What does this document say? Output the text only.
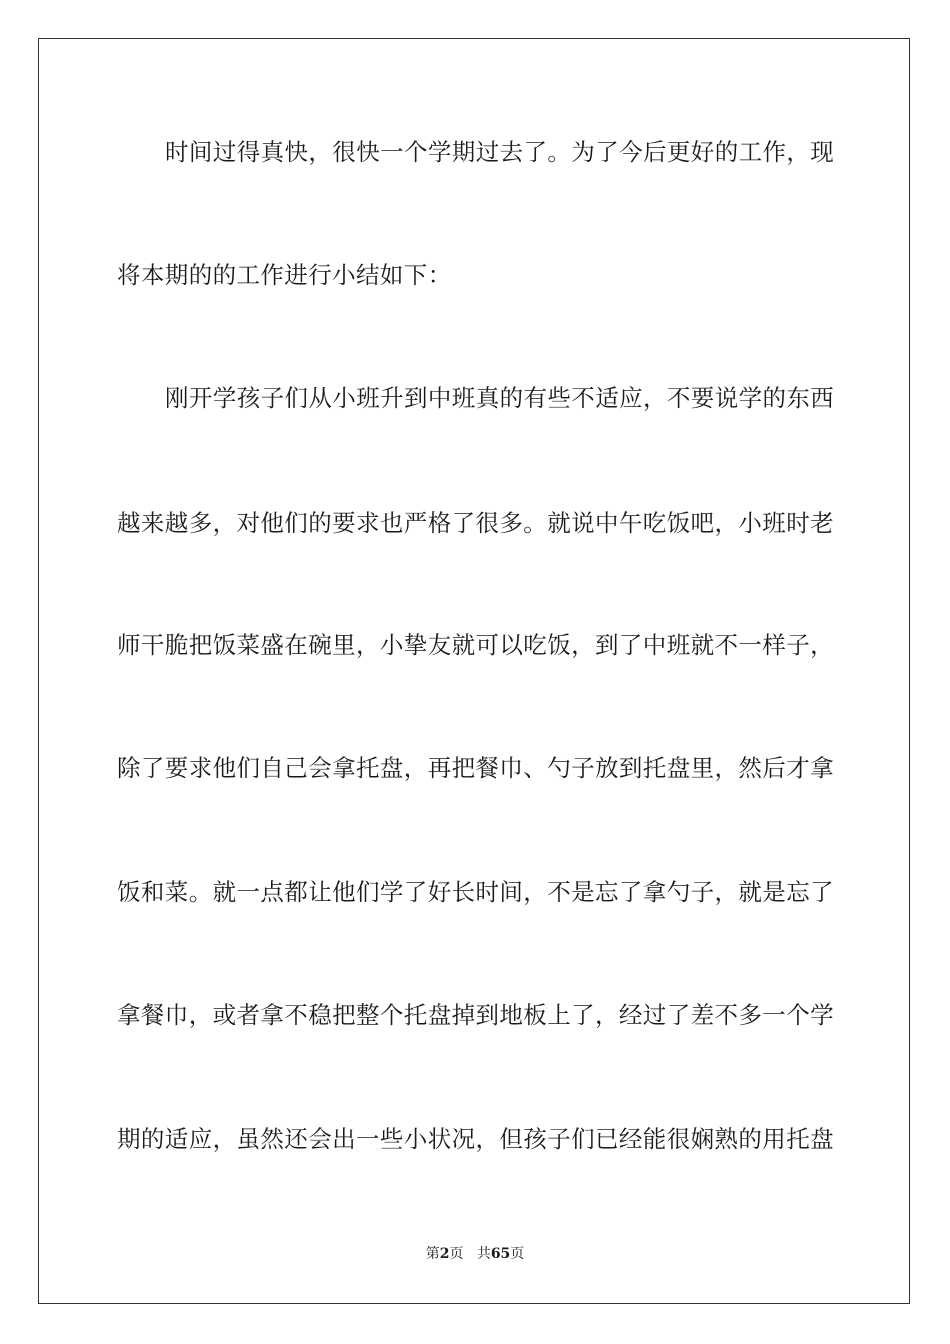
时间过得真快，很快一个学期过去了。为了今后更好的工作，现
将本期的的工作进行小结如下：
刚开学孩子们从小班升到中班真的有些不适应，不要说学的东西
越来越多，对他们的要求也严格了很多。就说中午吃饭吧，小班时老
师干脆把饭菜盛在碗里，小挚友就可以吃饭，到了中班就不一样子，
除了要求他们自己会拿托盘，再把餐巾、勺子放到托盘里，然后才拿
饭和菜。就一点都让他们学了好长时间，不是忘了拿勺子，就是忘了
拿餐巾，或者拿不稳把整个托盘掉到地板上了，经过了差不多一个学
期的适应，虽然还会出一些小状况，但孩子们已经能很娴熟的用托盘
第2页 共65页
